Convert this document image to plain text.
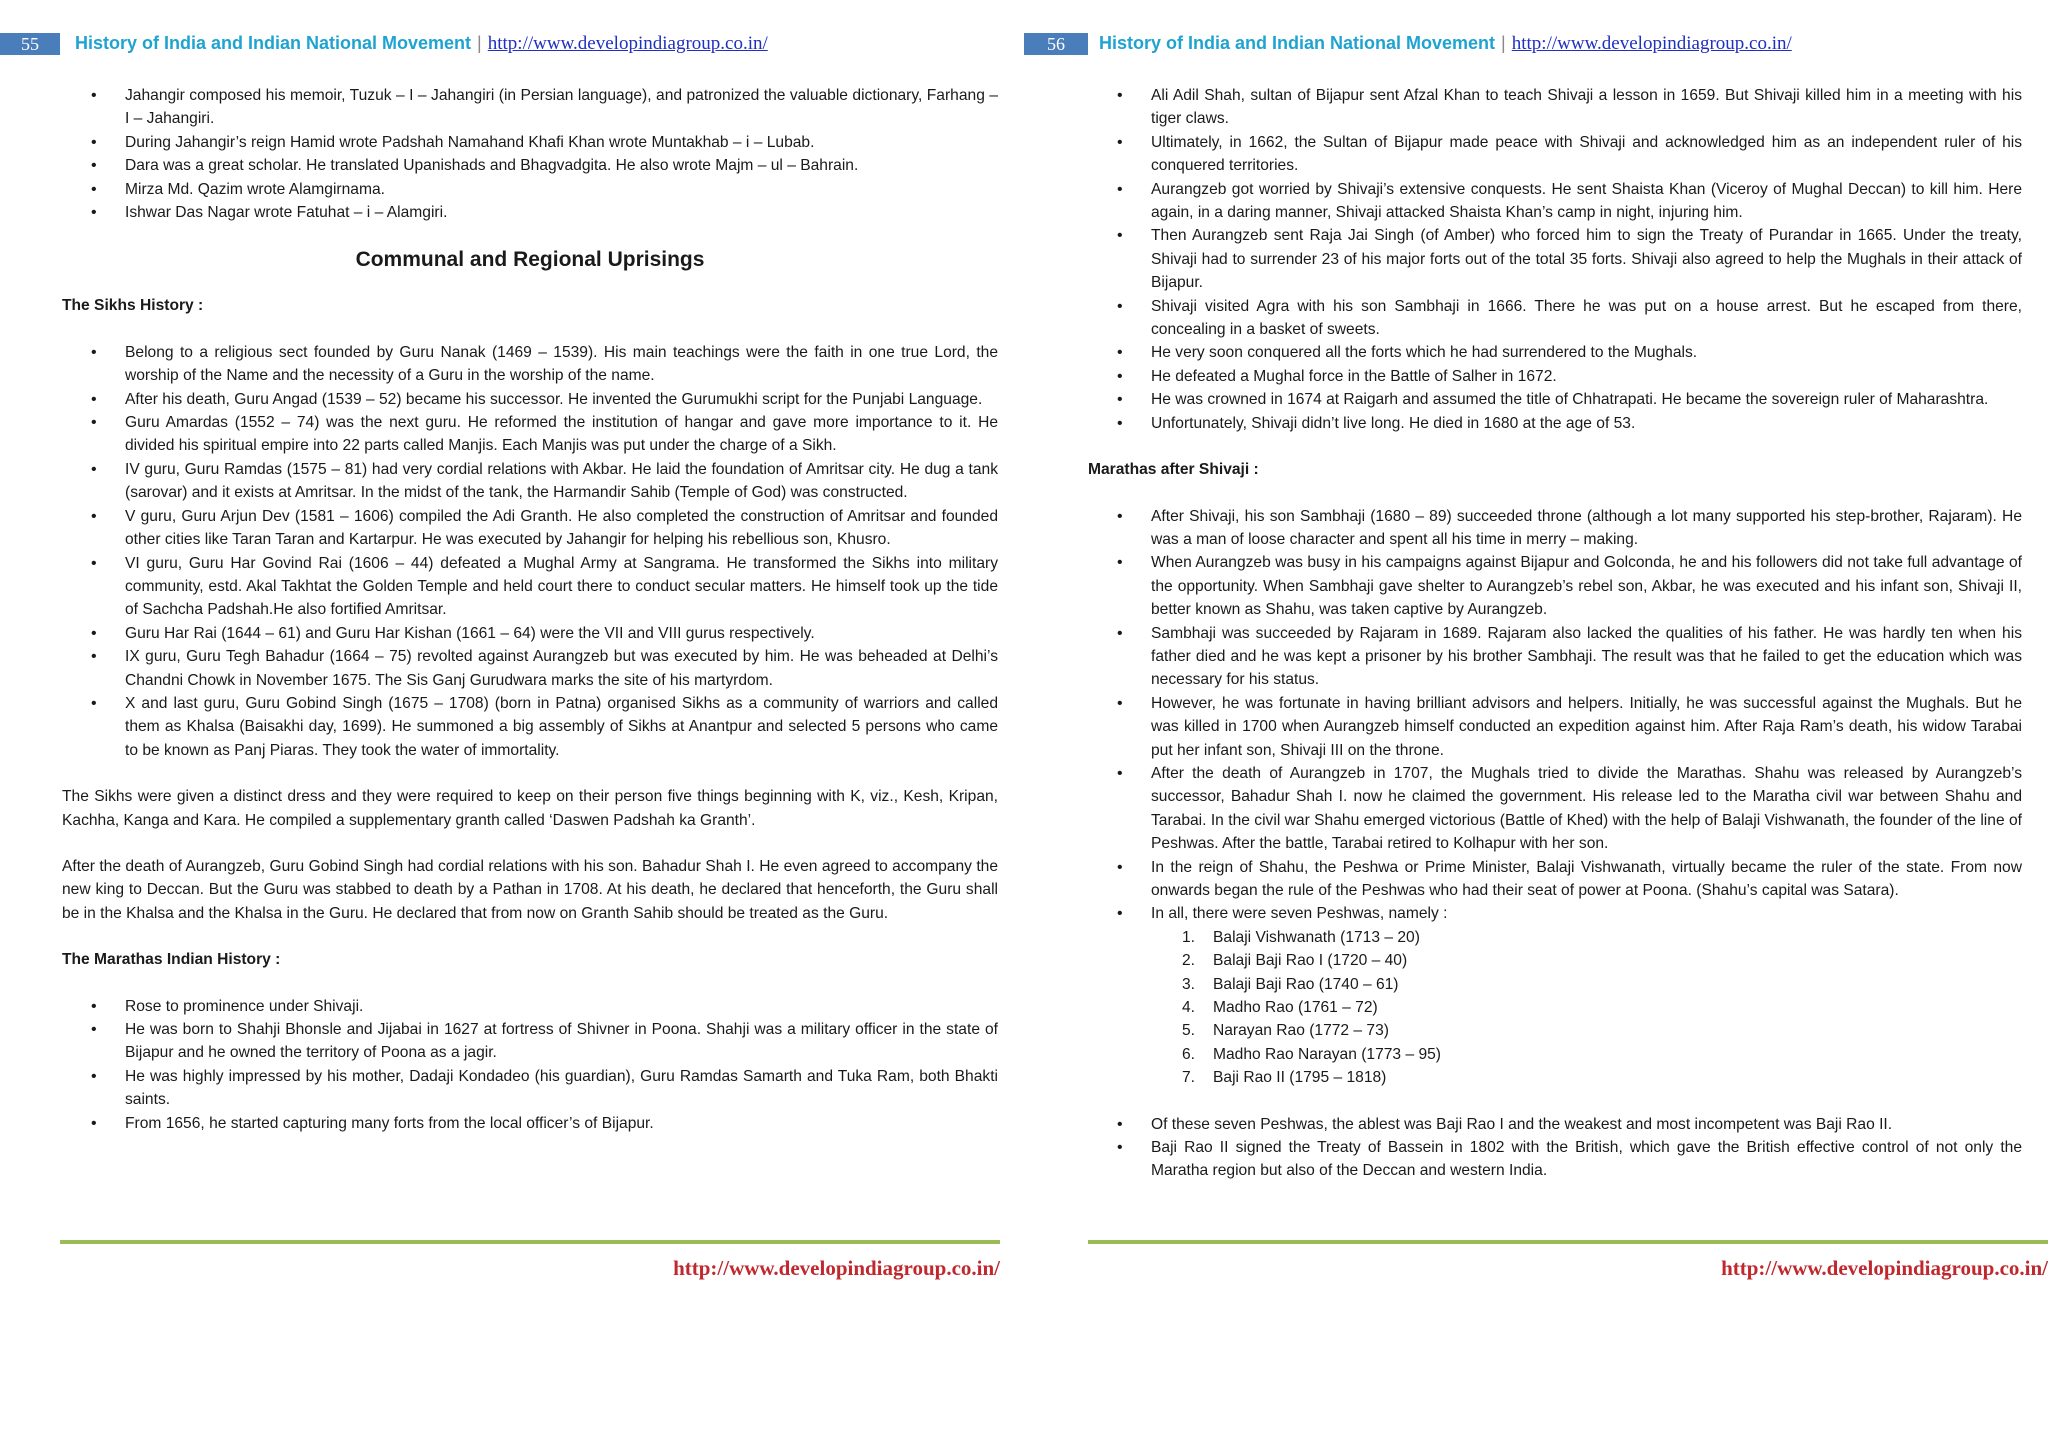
55	History of India and Indian National Movement | http://www.developindiagroup.co.in/
• Jahangir composed his memoir, Tuzuk – I – Jahangiri (in Persian language), and patronized the valuable dictionary, Farhang – I – Jahangiri.
• During Jahangir’s reign Hamid wrote Padshah Namahand Khafi Khan wrote Muntakhab – i – Lubab.
• Dara was a great scholar. He translated Upanishads and Bhagvadgita. He also wrote Majm – ul – Bahrain.
• Mirza Md. Qazim wrote Alamgirnama.
• Ishwar Das Nagar wrote Fatuhat – i – Alamgiri.
Communal and Regional Uprisings

The Sikhs History :

• Belong to a religious sect founded by Guru Nanak (1469 – 1539). His main teachings were the faith in one true Lord, the worship of the Name and the necessity of a Guru in the worship of the name.
• After his death, Guru Angad (1539 – 52) became his successor. He invented the Gurumukhi script for the Punjabi Language.
• Guru Amardas (1552 – 74) was the next guru. He reformed the institution of hangar and gave more importance to it. He divided his spiritual empire into 22 parts called Manjis. Each Manjis was put under the charge of a Sikh.
• IV guru, Guru Ramdas (1575 – 81) had very cordial relations with Akbar. He laid the foundation of Amritsar city. He dug a tank (sarovar) and it exists at Amritsar. In the midst of the tank, the Harmandir Sahib (Temple of God) was constructed.
• V guru, Guru Arjun Dev (1581 – 1606) compiled the Adi Granth. He also completed the construction of Amritsar and founded other cities like Taran Taran and Kartarpur. He was executed by Jahangir for helping his rebellious son, Khusro.
• VI guru, Guru Har Govind Rai (1606 – 44) defeated a Mughal Army at Sangrama. He transformed the Sikhs into military community, estd. Akal Takhtat the Golden Temple and held court there to conduct secular matters. He himself took up the tide of Sachcha Padshah.He also fortified Amritsar.
• Guru Har Rai (1644 – 61) and Guru Har Kishan (1661 – 64) were the VII and VIII gurus respectively.
• IX guru, Guru Tegh Bahadur (1664 – 75) revolted against Aurangzeb but was executed by him. He was beheaded at Delhi’s Chandni Chowk in November 1675. The Sis Ganj Gurudwara marks the site of his martyrdom.
• X and last guru, Guru Gobind Singh (1675 – 1708) (born in Patna) organised Sikhs as a community of warriors and called them as Khalsa (Baisakhi day, 1699). He summoned a big assembly of Sikhs at Anantpur and selected 5 persons who came to be known as Panj Piaras. They took the water of immortality.

The Sikhs were given a distinct dress and they were required to keep on their person five things beginning with K, viz., Kesh, Kripan, Kachha, Kanga and Kara. He compiled a supplementary granth called ‘Daswen Padshah ka Granth’.

After the death of Aurangzeb, Guru Gobind Singh had cordial relations with his son. Bahadur Shah I. He even agreed to accompany the new king to Deccan. But the Guru was stabbed to death by a Pathan in 1708. At his death, he declared that henceforth, the Guru shall be in the Khalsa and the Khalsa in the Guru. He declared that from now on Granth Sahib should be treated as the Guru.

The Marathas Indian History :

• Rose to prominence under Shivaji.
• He was born to Shahji Bhonsle and Jijabai in 1627 at fortress of Shivner in Poona. Shahji was a military officer in the state of Bijapur and he owned the territory of Poona as a jagir.
• He was highly impressed by his mother, Dadaji Kondadeo (his guardian), Guru Ramdas Samarth and Tuka Ram, both Bhakti saints.
• From 1656, he started capturing many forts from the local officer’s of Bijapur.
http://www.developindiagroup.co.in/
56	History of India and Indian National Movement | http://www.developindiagroup.co.in/
• Ali Adil Shah, sultan of Bijapur sent Afzal Khan to teach Shivaji a lesson in 1659. But Shivaji killed him in a meeting with his tiger claws.
• Ultimately, in 1662, the Sultan of Bijapur made peace with Shivaji and acknowledged him as an independent ruler of his conquered territories.
• Aurangzeb got worried by Shivaji’s extensive conquests. He sent Shaista Khan (Viceroy of Mughal Deccan) to kill him. Here again, in a daring manner, Shivaji attacked Shaista Khan’s camp in night, injuring him.
• Then Aurangzeb sent Raja Jai Singh (of Amber) who forced him to sign the Treaty of Purandar in 1665. Under the treaty, Shivaji had to surrender 23 of his major forts out of the total 35 forts. Shivaji also agreed to help the Mughals in their attack of Bijapur.
• Shivaji visited Agra with his son Sambhaji in 1666. There he was put on a house arrest. But he escaped from there, concealing in a basket of sweets.
• He very soon conquered all the forts which he had surrendered to the Mughals.
• He defeated a Mughal force in the Battle of Salher in 1672.
• He was crowned in 1674 at Raigarh and assumed the title of Chhatrapati. He became the sovereign ruler of Maharashtra.
• Unfortunately, Shivaji didn’t live long. He died in 1680 at the age of 53.

Marathas after Shivaji :

• After Shivaji, his son Sambhaji (1680 – 89) succeeded throne (although a lot many supported his step-brother, Rajaram). He was a man of loose character and spent all his time in merry – making.
• When Aurangzeb was busy in his campaigns against Bijapur and Golconda, he and his followers did not take full advantage of the opportunity. When Sambhaji gave shelter to Aurangzeb’s rebel son, Akbar, he was executed and his infant son, Shivaji II, better known as Shahu, was taken captive by Aurangzeb.
• Sambhaji was succeeded by Rajaram in 1689. Rajaram also lacked the qualities of his father. He was hardly ten when his father died and he was kept a prisoner by his brother Sambhaji. The result was that he failed to get the education which was necessary for his status.
• However, he was fortunate in having brilliant advisors and helpers. Initially, he was successful against the Mughals. But he was killed in 1700 when Aurangzeb himself conducted an expedition against him. After Raja Ram’s death, his widow Tarabai put her infant son, Shivaji III on the throne.
• After the death of Aurangzeb in 1707, the Mughals tried to divide the Marathas. Shahu was released by Aurangzeb’s successor, Bahadur Shah I. now he claimed the government. His release led to the Maratha civil war between Shahu and Tarabai. In the civil war Shahu emerged victorious (Battle of Khed) with the help of Balaji Vishwanath, the founder of the line of Peshwas. After the battle, Tarabai retired to Kolhapur with her son.
• In the reign of Shahu, the Peshwa or Prime Minister, Balaji Vishwanath, virtually became the ruler of the state. From now onwards began the rule of the Peshwas who had their seat of power at Poona. (Shahu’s capital was Satara).
• In all, there were seven Peshwas, namely :
1. Balaji Vishwanath (1713 – 20)
2. Balaji Baji Rao I (1720 – 40)
3. Balaji Baji Rao (1740 – 61)
4. Madho Rao (1761 – 72)
5. Narayan Rao (1772 – 73)
6. Madho Rao Narayan (1773 – 95)
7. Baji Rao II (1795 – 1818)
• Of these seven Peshwas, the ablest was Baji Rao I and the weakest and most incompetent was Baji Rao II.
• Baji Rao II signed the Treaty of Bassein in 1802 with the British, which gave the British effective control of not only the Maratha region but also of the Deccan and western India.
http://www.developindiagroup.co.in/
